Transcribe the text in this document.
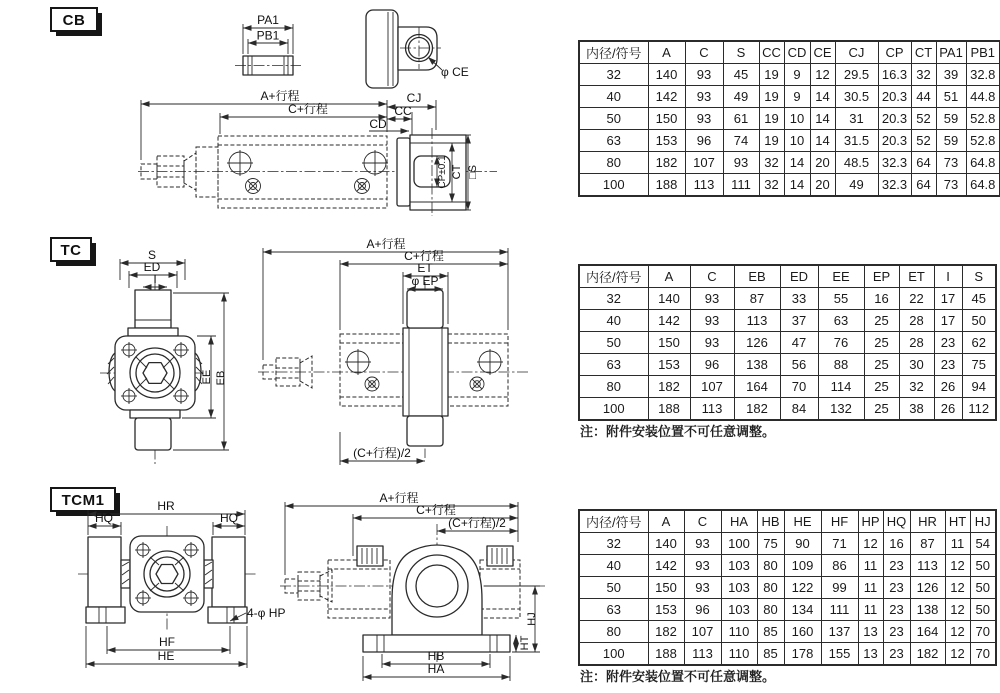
CB	PA1
PB1
φ CE
A+行程
C+行程
CJ
CC
CD
CP±0.1 CT □S
TC	S
ED
I
EE EB
A+行程
C+行程
ET
φ EP
(C+行程)/2
TCM1	HR
HQ	HQ
4-φ HP
HF
HE
A+行程
C+行程
(C+行程)/2
HJ
HT
HB
HA
内径/符号	A	C	S	CC	CD	CE	CJ	CP	CT	PA1	PB1
32	140	93	45	19	9	12	29.5	16.3	32	39	32.8
40	142	93	49	19	9	14	30.5	20.3	44	51	44.8
50	150	93	61	19	10	14	31	20.3	52	59	52.8
63	153	96	74	19	10	14	31.5	20.3	52	59	52.8
80	182	107	93	32	14	20	48.5	32.3	64	73	64.8
100	188	113	111	32	14	20	49	32.3	64	73	64.8
内径/符号	A	C	EB	ED	EE	EP	ET	I	S
32	140	93	87	33	55	16	22	17	45
40	142	93	113	37	63	25	28	17	50
50	150	93	126	47	76	25	28	23	62
63	153	96	138	56	88	25	30	23	75
80	182	107	164	70	114	25	32	26	94
100	188	113	182	84	132	25	38	26	112
注：附件安装位置不可任意调整。
内径/符号	A	C	HA	HB	HE	HF	HP	HQ	HR	HT	HJ
32	140	93	100	75	90	71	12	16	87	11	54
40	142	93	103	80	109	86	11	23	113	12	50
50	150	93	103	80	122	99	11	23	126	12	50
63	153	96	103	80	134	111	11	23	138	12	50
80	182	107	110	85	160	137	13	23	164	12	70
100	188	113	110	85	178	155	13	23	182	12	70
注：附件安装位置不可任意调整。
